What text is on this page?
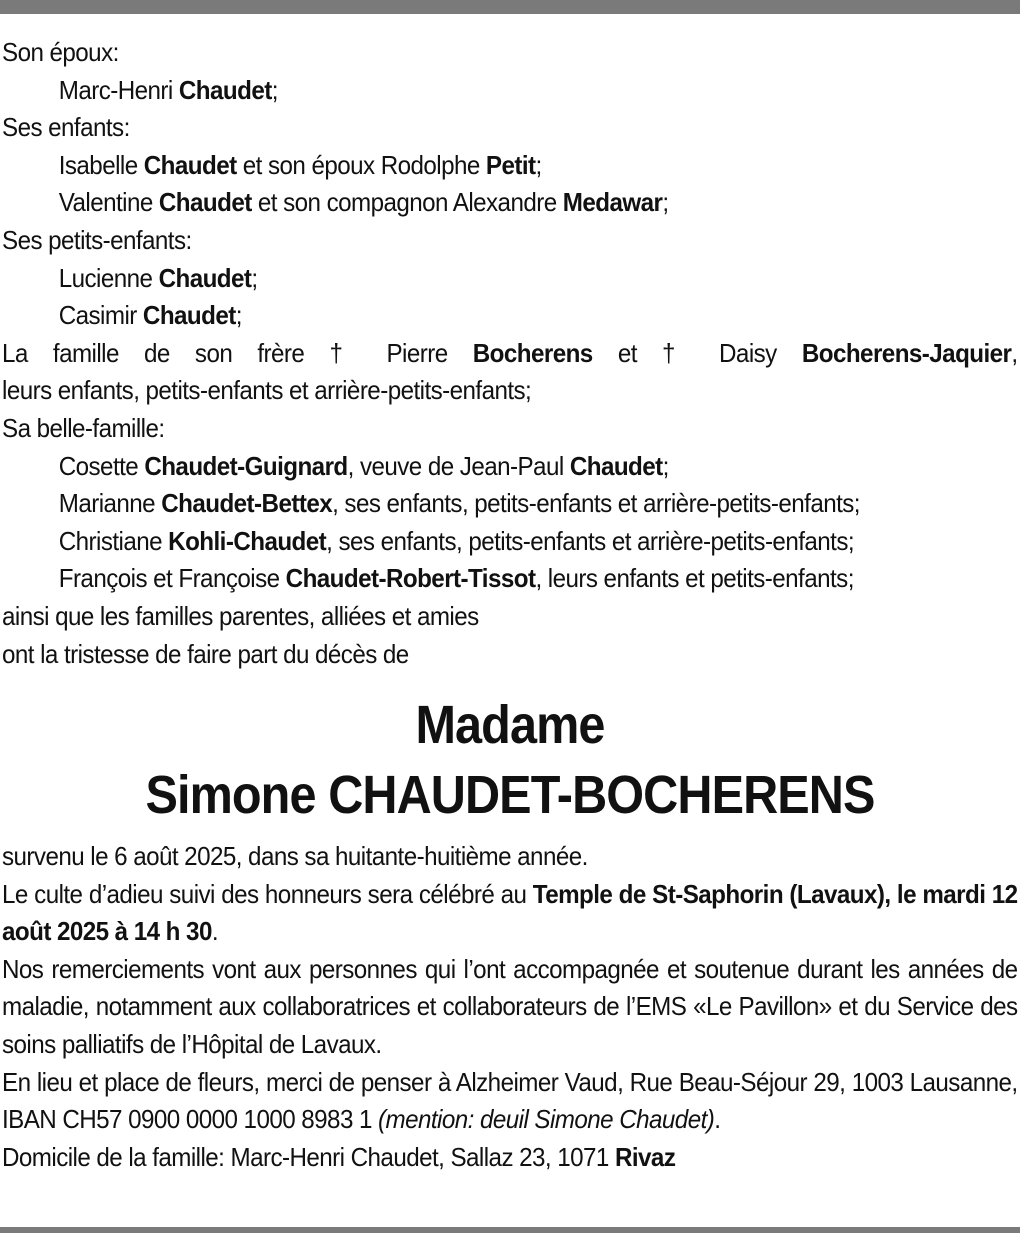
Son époux:
Marc-Henri Chaudet;
Ses enfants:
Isabelle Chaudet et son époux Rodolphe Petit;
Valentine Chaudet et son compagnon Alexandre Medawar;
Ses petits-enfants:
Lucienne Chaudet;
Casimir Chaudet;
La famille de son frère † Pierre Bocherens et † Daisy Bocherens-Jaquier,
leurs enfants, petits-enfants et arrière-petits-enfants;
Sa belle-famille:
Cosette Chaudet-Guignard, veuve de Jean-Paul Chaudet;
Marianne Chaudet-Bettex, ses enfants, petits-enfants et arrière-petits-enfants;
Christiane Kohli-Chaudet, ses enfants, petits-enfants et arrière-petits-enfants;
François et Françoise Chaudet-Robert-Tissot, leurs enfants et petits-enfants;
ainsi que les familles parentes, alliées et amies
ont la tristesse de faire part du décès de
Madame
Simone CHAUDET-BOCHERENS
survenu le 6 août 2025, dans sa huitante-huitième année.
Le culte d’adieu suivi des honneurs sera célébré au Temple de St-Saphorin (Lavaux), le mardi 12 août 2025 à 14 h 30.
Nos remerciements vont aux personnes qui l’ont accompagnée et soutenue durant les années de maladie, notamment aux collaboratrices et collaborateurs de l’EMS «Le Pavillon» et du Service des soins palliatifs de l’Hôpital de Lavaux.
En lieu et place de fleurs, merci de penser à Alzheimer Vaud, Rue Beau-Séjour 29, 1003 Lausanne, IBAN CH57 0900 0000 1000 8983 1 (mention: deuil Simone Chaudet).
Domicile de la famille: Marc-Henri Chaudet, Sallaz 23, 1071 Rivaz
